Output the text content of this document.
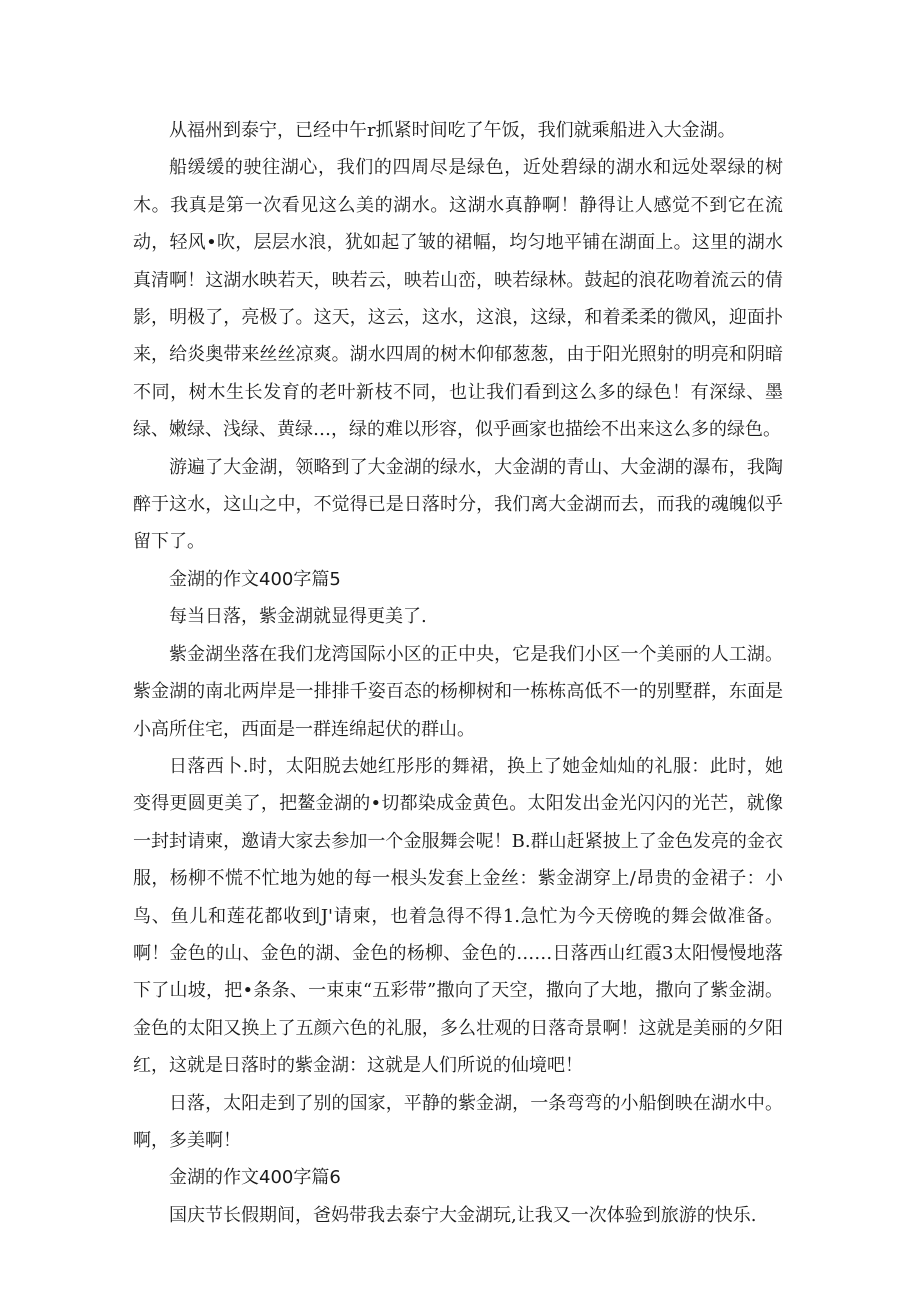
从福州到泰宁，已经中午r抓紧时间吃了午饭，我们就乘船进入大金湖。

船缓缓的驶往湖心，我们的四周尽是绿色，近处碧绿的湖水和远处翠绿的树木。我真是第一次看见这么美的湖水。这湖水真静啊！静得让人感觉不到它在流动，轻风•吹，层层水浪，犹如起了皱的裙幅，均匀地平铺在湖面上。这里的湖水真清啊！这湖水映若天，映若云，映若山峦，映若绿林。鼓起的浪花吻着流云的倩影，明极了，亮极了。这天，这云，这水，这浪，这绿，和着柔柔的微风，迎面扑来，给炎奥带来丝丝凉爽。湖水四周的树木仰郁葱葱，由于阳光照射的明亮和阴暗不同，树木生长发育的老叶新枝不同，也让我们看到这么多的绿色！有深绿、墨绿、嫩绿、浅绿、黄绿…，绿的难以形容，似乎画家也描绘不出来这么多的绿色。

游遍了大金湖，领略到了大金湖的绿水，大金湖的青山、大金湖的瀑布，我陶醉于这水，这山之中，不觉得已是日落时分，我们离大金湖而去，而我的魂魄似乎留下了。

金湖的作文400字篇5

每当日落，紫金湖就显得更美了.

紫金湖坐落在我们龙湾国际小区的正中央，它是我们小区一个美丽的人工湖。紫金湖的南北两岸是一排排千姿百态的杨柳树和一栋栋高低不一的别墅群，东面是小高所住宅，西面是一群连绵起伏的群山。

日落西卜.时，太阳脱去她红彤彤的舞裙，换上了她金灿灿的礼服：此时，她变得更圆更美了，把鳌金湖的•切都染成金黄色。太阳发出金光闪闪的光芒，就像一封封请柬，邀请大家去参加一个金服舞会呢！B.群山赶紧披上了金色发亮的金衣服，杨柳不慌不忙地为她的每一根头发套上金丝：紫金湖穿上/昂贵的金裙子：小鸟、鱼儿和莲花都收到J'请柬，也着急得不得1.急忙为今天傍晚的舞会做准备。啊！金色的山、金色的湖、金色的杨柳、金色的……日落西山红霞3太阳慢慢地落下了山坡，把•条条、一束束“五彩带”撒向了天空，撒向了大地，撒向了紫金湖。金色的太阳又换上了五颜六色的礼服，多么壮观的日落奇景啊！这就是美丽的夕阳红，这就是日落时的紫金湖：这就是人们所说的仙境吧！

日落，太阳走到了别的国家，平静的紫金湖，一条弯弯的小船倒映在湖水中。啊，多美啊！

金湖的作文400字篇6

国庆节长假期间，爸妈带我去泰宁大金湖玩,让我又一次体验到旅游的快乐.
